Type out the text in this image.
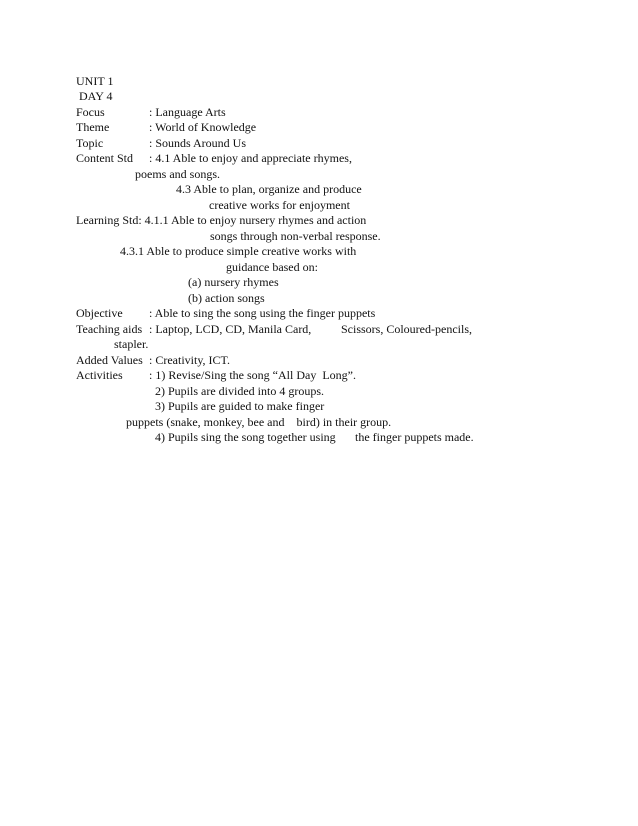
UNIT 1
DAY 4
Focus	: Language Arts
Theme	: World of Knowledge
Topic	: Sounds Around Us
Content Std : 4.1 Able to enjoy and appreciate rhymes,
poems and songs.
4.3 Able to plan, organize and produce
creative works for enjoyment
Learning Std: 4.1.1 Able to enjoy nursery rhymes and action
songs through non-verbal response.
4.3.1 Able to produce simple creative works with
guidance based on:
(a) nursery rhymes
(b) action songs
Objective : Able to sing the song using the finger puppets
Teaching aids : Laptop, LCD, CD, Manila Card, Scissors, Coloured-pencils,
stapler.
Added Values : Creativity, ICT.
Activities : 1) Revise/Sing the song “All Day  Long”.
2) Pupils are divided into 4 groups.
3) Pupils are guided to make finger
puppets (snake, monkey, bee and    bird) in their group.
4) Pupils sing the song together using the finger puppets made.
